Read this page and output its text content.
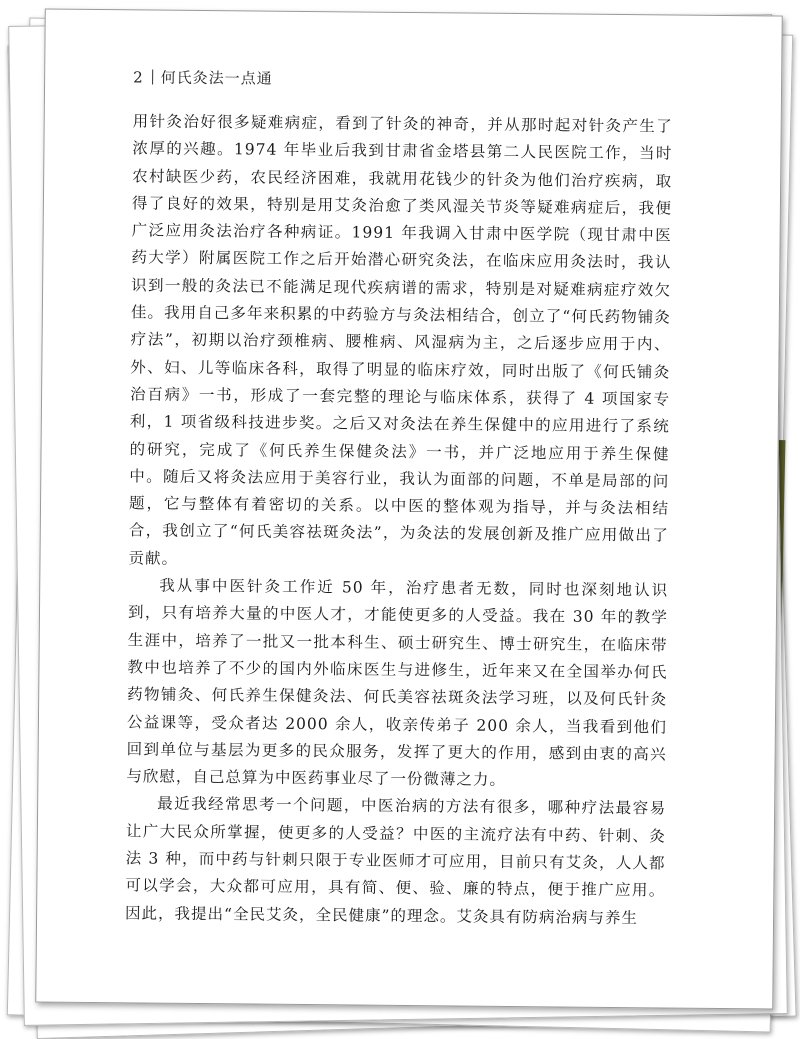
2 何氏灸法一点通

用针灸治好很多疑难病症，看到了针灸的神奇，并从那时起对针灸产生了浓厚的兴趣。1974 年毕业后我到甘肃省金塔县第二人民医院工作，当时农村缺医少药，农民经济困难，我就用花钱少的针灸为他们治疗疾病，取得了良好的效果，特别是用艾灸治愈了类风湿关节炎等疑难病症后，我便广泛应用灸法治疗各种病证。1991 年我调入甘肃中医学院（现甘肃中医药大学）附属医院工作之后开始潜心研究灸法，在临床应用灸法时，我认识到一般的灸法已不能满足现代疾病谱的需求，特别是对疑难病症疗效欠佳。我用自己多年来积累的中药验方与灸法相结合，创立了“何氏药物铺灸疗法”，初期以治疗颈椎病、腰椎病、风湿病为主，之后逐步应用于内、外、妇、儿等临床各科，取得了明显的临床疗效，同时出版了《何氏铺灸治百病》一书，形成了一套完整的理论与临床体系，获得了 4 项国家专利，1 项省级科技进步奖。之后又对灸法在养生保健中的应用进行了系统的研究，完成了《何氏养生保健灸法》一书，并广泛地应用于养生保健中。随后又将灸法应用于美容行业，我认为面部的问题，不单是局部的问题，它与整体有着密切的关系。以中医的整体观为指导，并与灸法相结合，我创立了“何氏美容祛斑灸法”，为灸法的发展创新及推广应用做出了贡献。

我从事中医针灸工作近 50 年，治疗患者无数，同时也深刻地认识到，只有培养大量的中医人才，才能使更多的人受益。我在 30 年的教学生涯中，培养了一批又一批本科生、硕士研究生、博士研究生，在临床带教中也培养了不少的国内外临床医生与进修生，近年来又在全国举办何氏药物铺灸、何氏养生保健灸法、何氏美容祛斑灸法学习班，以及何氏针灸公益课等，受众者达 2000 余人，收亲传弟子 200 余人，当我看到他们回到单位与基层为更多的民众服务，发挥了更大的作用，感到由衷的高兴与欣慰，自己总算为中医药事业尽了一份微薄之力。

最近我经常思考一个问题，中医治病的方法有很多，哪种疗法最容易让广大民众所掌握，使更多的人受益？中医的主流疗法有中药、针刺、灸法 3 种，而中药与针刺只限于专业医师才可应用，目前只有艾灸，人人都可以学会，大众都可应用，具有简、便、验、廉的特点，便于推广应用。因此，我提出“全民艾灸，全民健康”的理念。艾灸具有防病治病与养生
